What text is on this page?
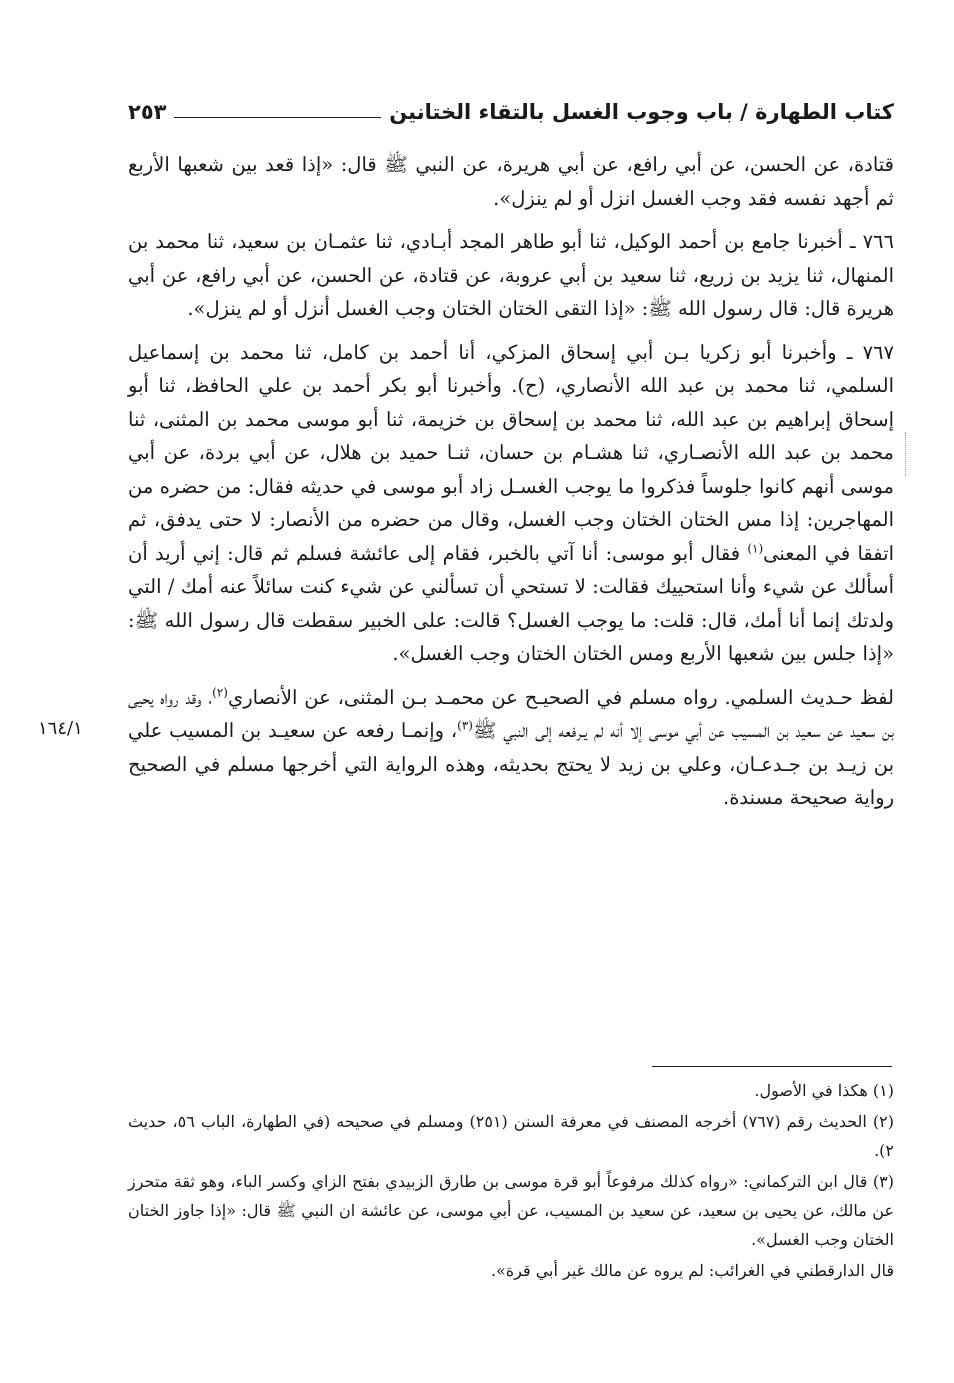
كتاب الطهارة / باب وجوب الغسل بالتقاء الختانين
٢٥٣
١٦٤/١

قتادة، عن الحسن، عن أبي رافع، عن أبي هريرة، عن النبي ﷺ قال: «إذا قعد بين شعبها الأربع ثم أجهد نفسه فقد وجب الغسل انزل أو لم ينزل».

٧٦٦ ـ أخبرنا جامع بن أحمد الوكيل، ثنا أبو طاهر المجد أبـادي، ثنا عثمـان بن سعيد، ثنا محمد بن المنهال، ثنا يزيد بن زريع، ثنا سعيد بن أبي عروبة، عن قتادة، عن الحسن، عن أبي رافع، عن أبي هريرة قال: قال رسول الله ﷺ: «إذا التقى الختان الختان وجب الغسل أنزل أو لم ينزل».

٧٦٧ ـ وأخبرنا أبو زكريا بـن أبي إسحاق المزكي، أنا أحمد بن كامل، ثنا محمد بن إسماعيل السلمي، ثنا محمد بن عبد الله الأنصاري، (ح). وأخبرنا أبو بكر أحمد بن علي الحافظ، ثنا أبو إسحاق إبراهيم بن عبد الله، ثنا محمد بن إسحاق بن خزيمة، ثنا أبو موسى محمد بن المثنى، ثنا محمد بن عبد الله الأنصـاري، ثنا هشـام بن حسان، ثنـا حميد بن هلال، عن أبي بردة، عن أبي موسى أنهم كانوا جلوساً فذكروا ما يوجب الغسـل زاد أبو موسى في حديثه فقال: من حضره من المهاجرين: إذا مس الختان الختان وجب الغسل، وقال من حضره من الأنصار: لا حتى يدفق، ثم اتفقا في المعنى$^{(١)}$ فقال أبو موسى: أنا آتي بالخبر، فقام إلى عائشة فسلم ثم قال: إني أريد أن أسألك عن شيء وأنا استحييك فقالت: لا تستحي أن تسألني عن شيء كنت سائلاً عنه أمك / التي ولدتك إنما أنا أمك، قال: قلت: ما يوجب الغسل؟ قالت: على الخبير سقطت قال رسول الله ﷺ: «إذا جلس بين شعبها الأربع ومس الختان الختان وجب الغسل».

لفظ حـديث السلمي. رواه مسلم في الصحيـح عن محمـد بـن المثنى، عن الأنصاري$^{(٢)}$، وقد رواه يحيى بن سعيد عن سعيد بن المسيب عن أبي موسى إلا أنه لم يـرفعه إلى النبي ﷺ$^{(٣)}$، وإنمـا رفعه عن سعيـد بن المسيب علي بن زيـد بن جـدعـان، وعلي بن زيد لا يحتج بحديثه، وهذه الرواية التي أخرجها مسلم في الصحيح رواية صحيحة مسندة.

(١) هكذا في الأصول.

(٢) الحديث رقم (٧٦٧) أخرجه المصنف في معرفة السنن (٢٥١) ومسلم في صحيحه (في الطهارة، الباب ٥٦، حديث ٢).

(٣) قال ابن التركماني: «رواه كذلك مرفوعاً أبو قرة موسى بن طارق الزبيدي بفتح الزاي وكسر الباء، وهو ثقة متحرز عن مالك، عن يحيى بن سعيد، عن سعيد بن المسيب، عن أبي موسى، عن عائشة ان النبي ﷺ قال: «إذا جاوز الختان الختان وجب الغسل».

قال الدارقطني في الغرائب: لم يروه عن مالك غير أبي قرة».
